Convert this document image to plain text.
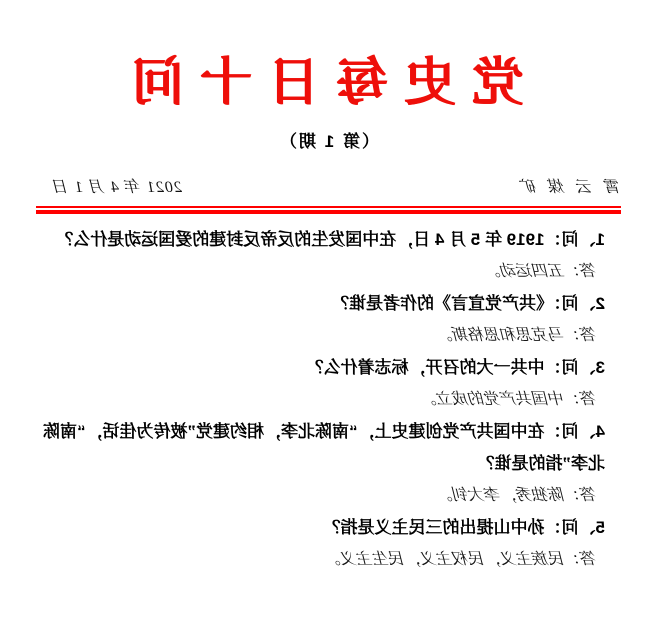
党史每日十问
（第 1 期）
霄云煤矿
2021 年 4 月 1 日

1、问：1919 年 5 月 4 日，在中国发生的反帝反封建的爱国运动是什么？

答：五四运动。

2、问：《共产党宣言》的作者是谁？

答：马克思和恩格斯。

3、问：中共一大的召开，标志着什么？

答：中国共产党的成立。

4、问：在中国共产党创建史上，“南陈北李，相约建党”被传为佳话，“南陈北李”指的是谁？

答：陈独秀，李大钊。

5、问：孙中山提出的三民主义是指？

答：民族主义，民权主义，民生主义。
